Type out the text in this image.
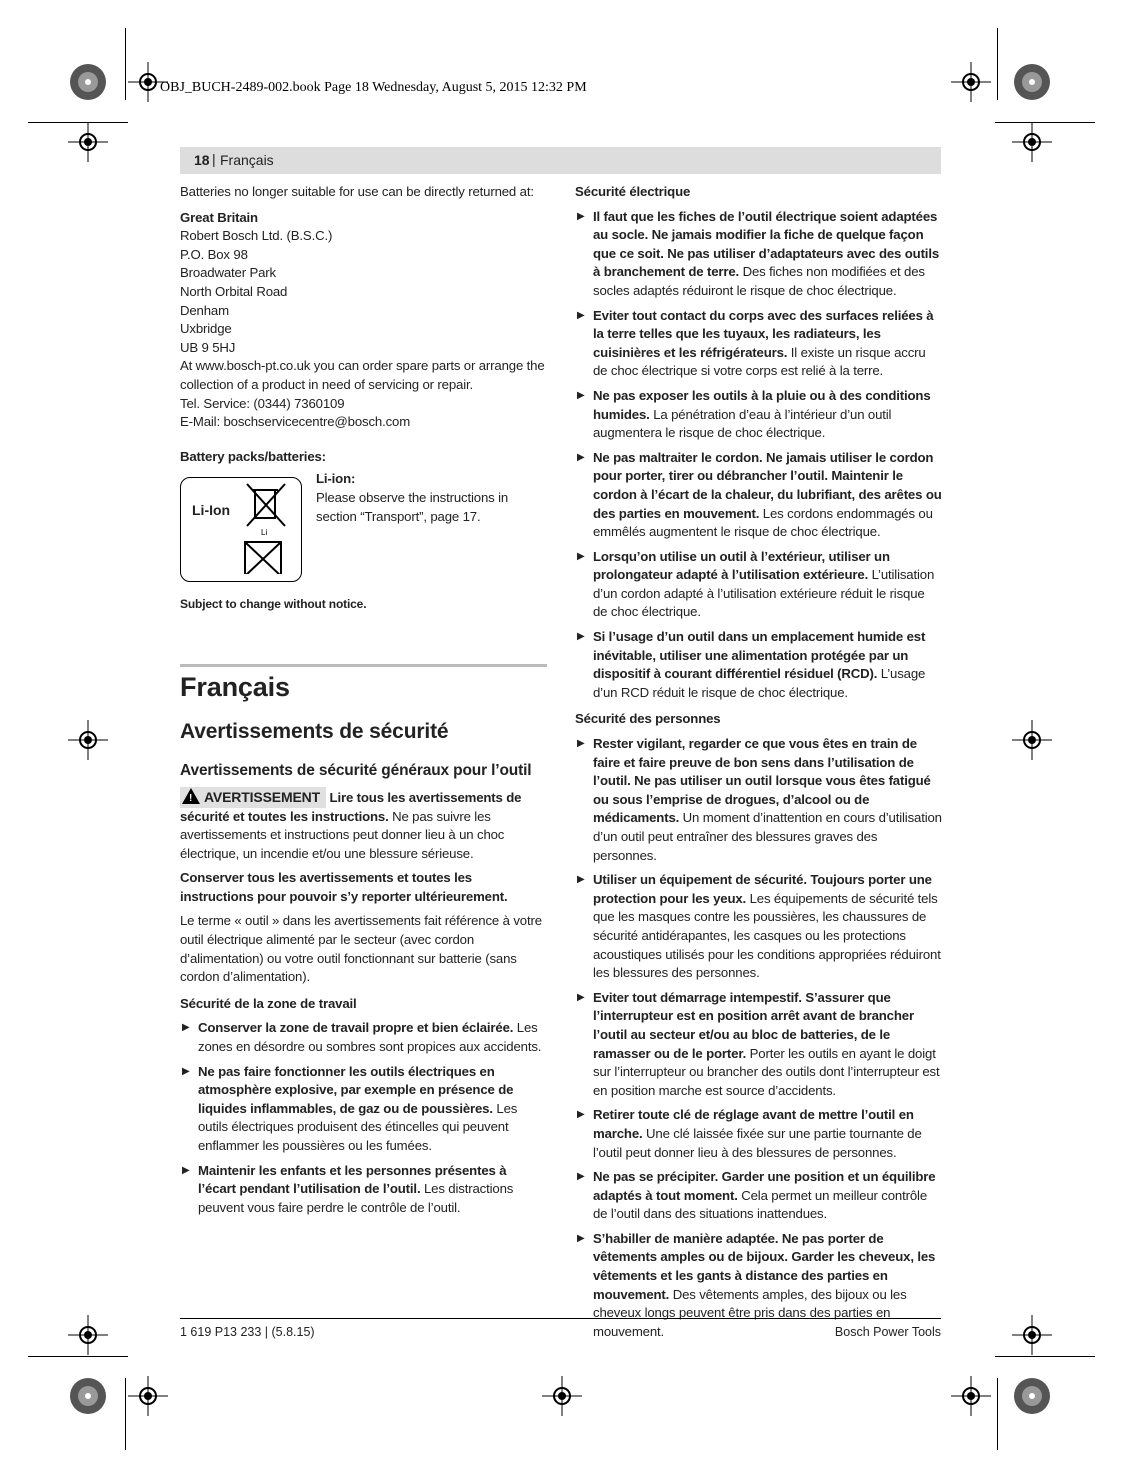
OBJ_BUCH-2489-002.book Page 18 Wednesday, August 5, 2015 12:32 PM
18 | Français

Batteries no longer suitable for use can be directly returned at:

Great Britain

Robert Bosch Ltd. (B.S.C.)

P.O. Box 98

Broadwater Park

North Orbital Road

Denham

Uxbridge

UB 9 5HJ

At www.bosch-pt.co.uk you can order spare parts or arrange the collection of a product in need of servicing or repair.

Tel. Service: (0344) 7360109

E-Mail: boschservicecentre@bosch.com

Battery packs/batteries:

Li-ion:

Please observe the instructions in section “Transport”, page 17.

Subject to change without notice.

Français

Avertissements de sécurité

Avertissements de sécurité généraux pour l’outil

! AVERTISSEMENT Lire tous les avertissements de sécurité et toutes les instructions. Ne pas suivre les avertissements et instructions peut donner lieu à un choc électrique, un incendie et/ou une blessure sérieuse.

Conserver tous les avertissements et toutes les instructions pour pouvoir s’y reporter ultérieurement.

Le terme « outil » dans les avertissements fait référence à votre outil électrique alimenté par le secteur (avec cordon d’alimentation) ou votre outil fonctionnant sur batterie (sans cordon d’alimentation).

Sécurité de la zone de travail

▶ Conserver la zone de travail propre et bien éclairée. Les zones en désordre ou sombres sont propices aux accidents.
▶ Ne pas faire fonctionner les outils électriques en atmosphère explosive, par exemple en présence de liquides inflammables, de gaz ou de poussières. Les outils électriques produisent des étincelles qui peuvent enflammer les poussières ou les fumées.
▶ Maintenir les enfants et les personnes présentes à l’écart pendant l’utilisation de l’outil. Les distractions peuvent vous faire perdre le contrôle de l’outil.
Li-Ion
Li

Sécurité électrique

▶ Il faut que les fiches de l’outil électrique soient adaptées au socle. Ne jamais modifier la fiche de quelque façon que ce soit. Ne pas utiliser d’adaptateurs avec des outils à branchement de terre. Des fiches non modifiées et des socles adaptés réduiront le risque de choc électrique.
▶ Eviter tout contact du corps avec des surfaces reliées à la terre telles que les tuyaux, les radiateurs, les cuisinières et les réfrigérateurs. Il existe un risque accru de choc électrique si votre corps est relié à la terre.
▶ Ne pas exposer les outils à la pluie ou à des conditions humides. La pénétration d’eau à l’intérieur d’un outil augmentera le risque de choc électrique.
▶ Ne pas maltraiter le cordon. Ne jamais utiliser le cordon pour porter, tirer ou débrancher l’outil. Maintenir le cordon à l’écart de la chaleur, du lubrifiant, des arêtes ou des parties en mouvement. Les cordons endommagés ou emmêlés augmentent le risque de choc électrique.
▶ Lorsqu’on utilise un outil à l’extérieur, utiliser un prolongateur adapté à l’utilisation extérieure. L’utilisation d’un cordon adapté à l’utilisation extérieure réduit le risque de choc électrique.
▶ Si l’usage d’un outil dans un emplacement humide est inévitable, utiliser une alimentation protégée par un dispositif à courant différentiel résiduel (RCD). L’usage d’un RCD réduit le risque de choc électrique.

Sécurité des personnes

▶ Rester vigilant, regarder ce que vous êtes en train de faire et faire preuve de bon sens dans l’utilisation de l’outil. Ne pas utiliser un outil lorsque vous êtes fatigué ou sous l’emprise de drogues, d’alcool ou de médicaments. Un moment d’inattention en cours d’utilisation d’un outil peut entraîner des blessures graves des personnes.
▶ Utiliser un équipement de sécurité. Toujours porter une protection pour les yeux. Les équipements de sécurité tels que les masques contre les poussières, les chaussures de sécurité antidérapantes, les casques ou les protections acoustiques utilisés pour les conditions appropriées réduiront les blessures des personnes.
▶ Eviter tout démarrage intempestif. S’assurer que l’interrupteur est en position arrêt avant de brancher l’outil au secteur et/ou au bloc de batteries, de le ramasser ou de le porter. Porter les outils en ayant le doigt sur l’interrupteur ou brancher des outils dont l’interrupteur est en position marche est source d’accidents.
▶ Retirer toute clé de réglage avant de mettre l’outil en marche. Une clé laissée fixée sur une partie tournante de l’outil peut donner lieu à des blessures de personnes.
▶ Ne pas se précipiter. Garder une position et un équilibre adaptés à tout moment. Cela permet un meilleur contrôle de l’outil dans des situations inattendues.
▶ S’habiller de manière adaptée. Ne pas porter de vêtements amples ou de bijoux. Garder les cheveux, les vêtements et les gants à distance des parties en mouvement. Des vêtements amples, des bijoux ou les cheveux longs peuvent être pris dans des parties en mouvement.
1 619 P13 233 | (5.8.15)	Bosch Power Tools
